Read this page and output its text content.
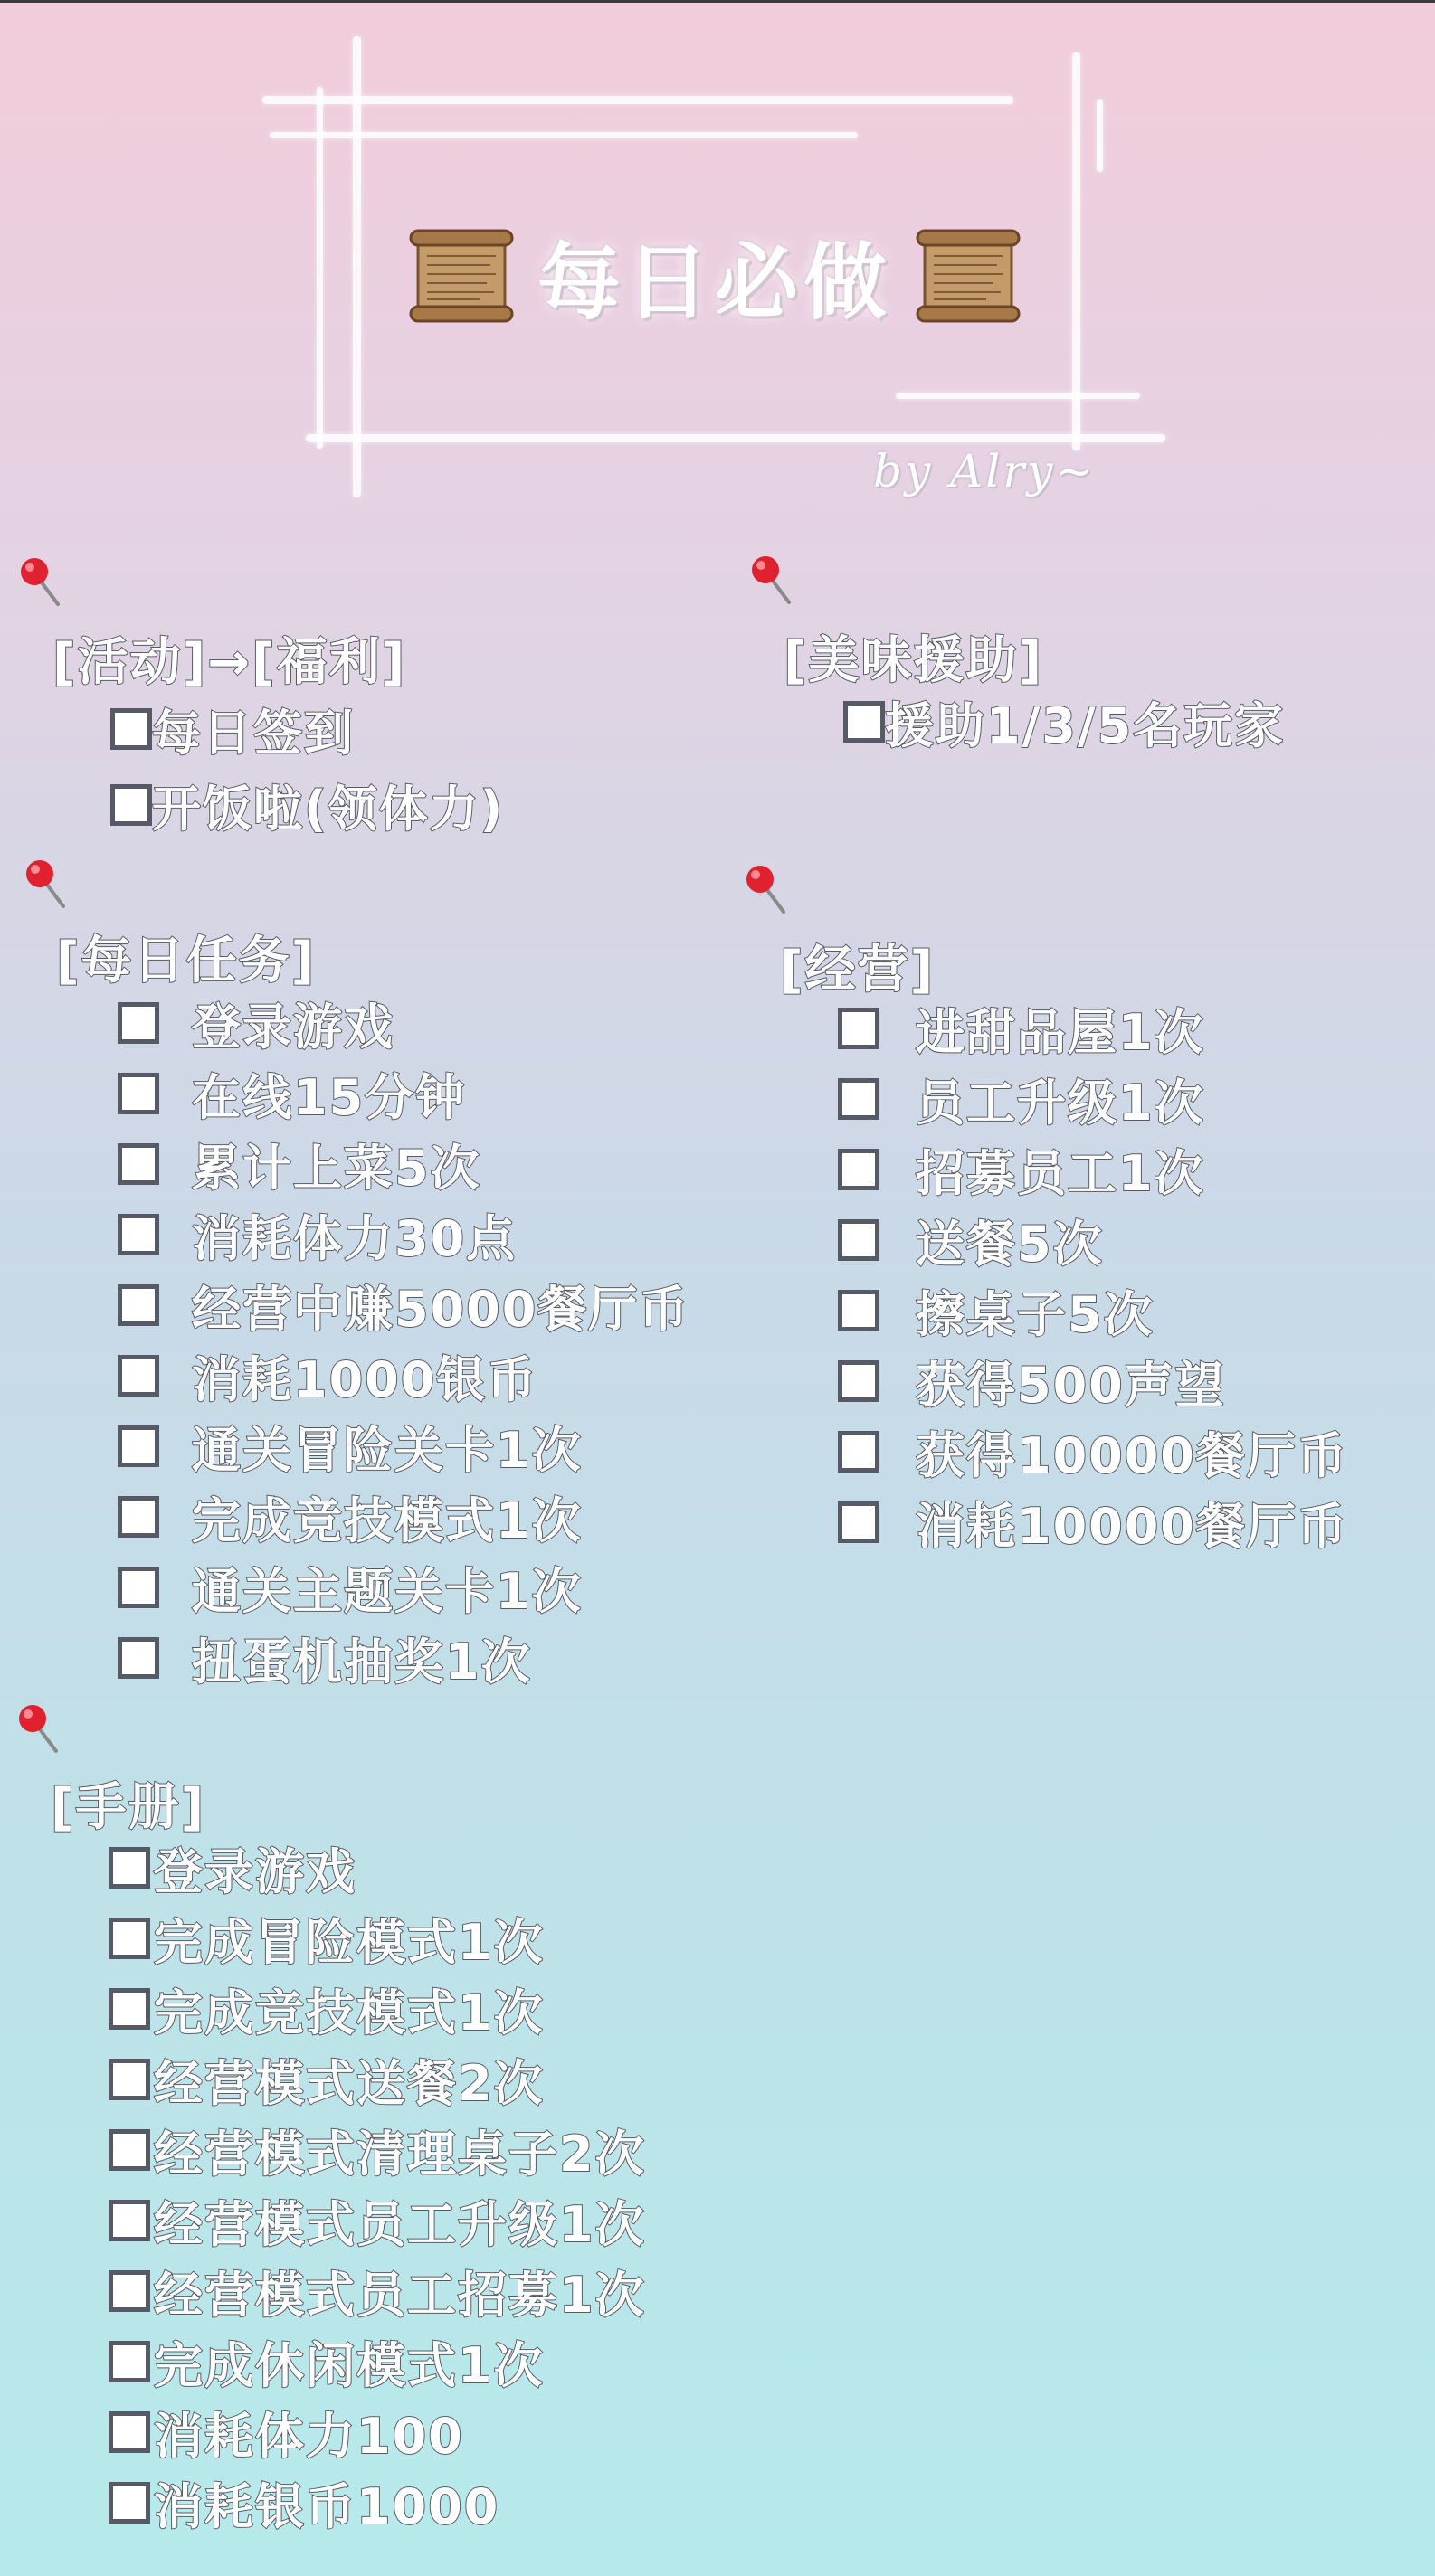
每日必做
by Alry~
[活动]→[福利]
每日签到
开饭啦(领体力)
[美味援助]
援助1/3/5名玩家
[每日任务]
登录游戏
在线15分钟
累计上菜5次
消耗体力30点
经营中赚5000餐厅币
消耗1000银币
通关冒险关卡1次
完成竞技模式1次
通关主题关卡1次
扭蛋机抽奖1次
[经营]
进甜品屋1次
员工升级1次
招募员工1次
送餐5次
擦桌子5次
获得500声望
获得10000餐厅币
消耗10000餐厅币
[手册]
登录游戏
完成冒险模式1次
完成竞技模式1次
经营模式送餐2次
经营模式清理桌子2次
经营模式员工升级1次
经营模式员工招募1次
完成休闲模式1次
消耗体力100
消耗银币1000
